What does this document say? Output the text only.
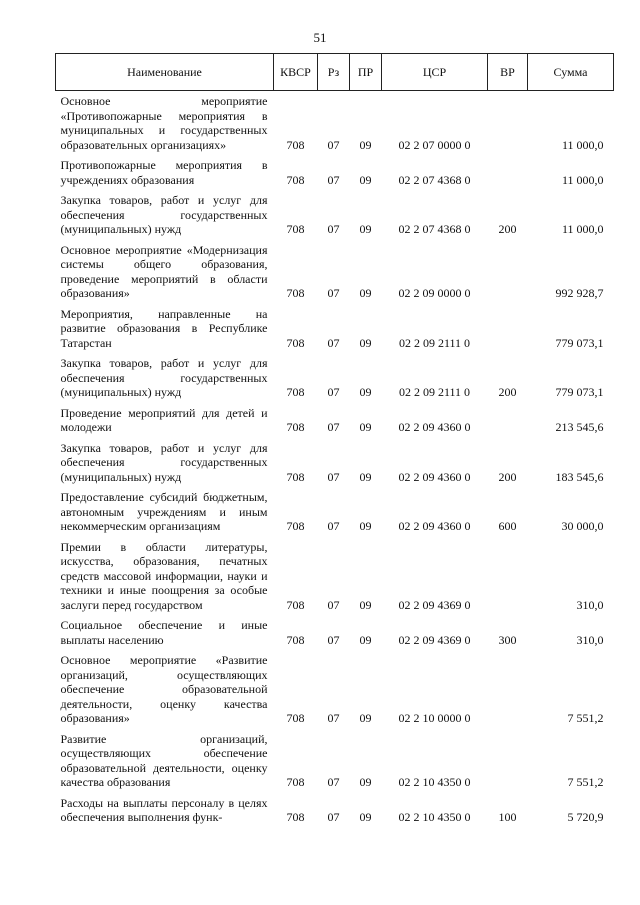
51
Наименование	КВСР	Рз	ПР	ЦСР	ВР	Сумма
Основное мероприятие «Противопожарные мероприятия в муниципальных и государственных образовательных организациях»	708	07	09	02 2 07 0000 0		11 000,0
Противопожарные мероприятия в учреждениях образования	708	07	09	02 2 07 4368 0		11 000,0
Закупка товаров, работ и услуг для обеспечения государственных (муниципальных) нужд	708	07	09	02 2 07 4368 0	200	11 000,0
Основное мероприятие «Модернизация системы общего образования, проведение мероприятий в области образования»	708	07	09	02 2 09 0000 0		992 928,7
Мероприятия, направленные на развитие образования в Республике Татарстан	708	07	09	02 2 09 2111 0		779 073,1
Закупка товаров, работ и услуг для обеспечения государственных (муниципальных) нужд	708	07	09	02 2 09 2111 0	200	779 073,1
Проведение мероприятий для детей и молодежи	708	07	09	02 2 09 4360 0		213 545,6
Закупка товаров, работ и услуг для обеспечения государственных (муниципальных) нужд	708	07	09	02 2 09 4360 0	200	183 545,6
Предоставление субсидий бюджетным, автономным учреждениям и иным некоммерческим организациям	708	07	09	02 2 09 4360 0	600	30 000,0
Премии в области литературы, искусства, образования, печатных средств массовой информации, науки и техники и иные поощрения за особые заслуги перед государством	708	07	09	02 2 09 4369 0		310,0
Социальное обеспечение и иные выплаты населению	708	07	09	02 2 09 4369 0	300	310,0
Основное мероприятие «Развитие организаций, осуществляющих обеспечение образовательной деятельности, оценку качества образования»	708	07	09	02 2 10 0000 0		7 551,2
Развитие организаций, осуществляющих обеспечение образовательной деятельности, оценку качества образования	708	07	09	02 2 10 4350 0		7 551,2
Расходы на выплаты персоналу в целях обеспечения выполнения функ-	708	07	09	02 2 10 4350 0	100	5 720,9
